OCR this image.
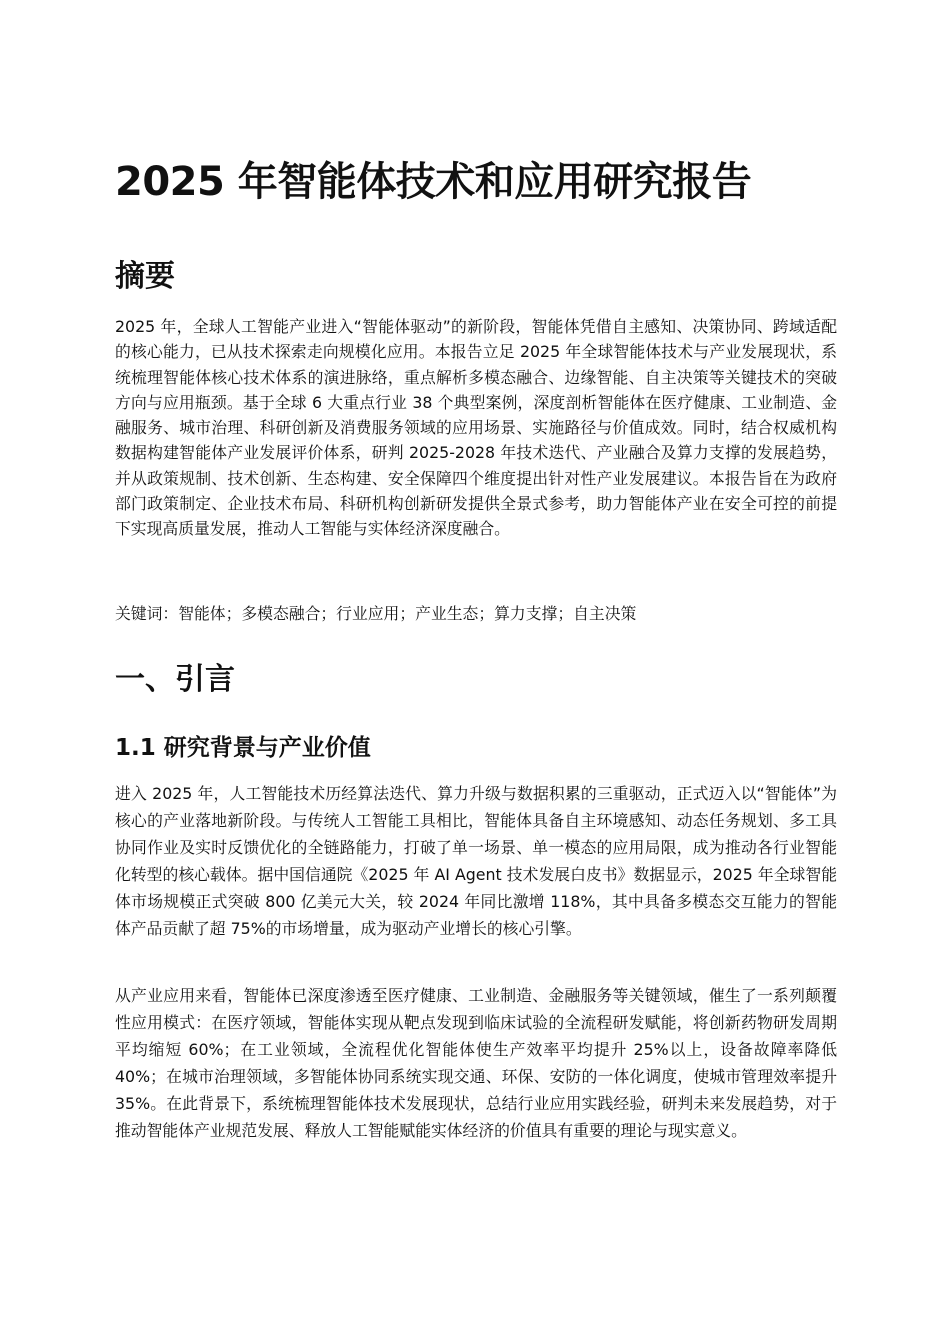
2025 年智能体技术和应用研究报告
摘要

2025 年，全球人工智能产业进入“智能体驱动”的新阶段，智能体凭借自主感知、决策协同、跨域适配的核心能力，已从技术探索走向规模化应用。本报告立足 2025 年全球智能体技术与产业发展现状，系统梳理智能体核心技术体系的演进脉络，重点解析多模态融合、边缘智能、自主决策等关键技术的突破方向与应用瓶颈。基于全球 6 大重点行业 38 个典型案例，深度剖析智能体在医疗健康、工业制造、金融服务、城市治理、科研创新及消费服务领域的应用场景、实施路径与价值成效。同时，结合权威机构数据构建智能体产业发展评价体系，研判 2025-2028 年技术迭代、产业融合及算力支撑的发展趋势，并从政策规制、技术创新、生态构建、安全保障四个维度提出针对性产业发展建议。本报告旨在为政府部门政策制定、企业技术布局、科研机构创新研发提供全景式参考，助力智能体产业在安全可控的前提下实现高质量发展，推动人工智能与实体经济深度融合。

关键词：智能体；多模态融合；行业应用；产业生态；算力支撑；自主决策

一、引言
1.1 研究背景与产业价值

进入 2025 年，人工智能技术历经算法迭代、算力升级与数据积累的三重驱动，正式迈入以“智能体”为核心的产业落地新阶段。与传统人工智能工具相比，智能体具备自主环境感知、动态任务规划、多工具协同作业及实时反馈优化的全链路能力，打破了单一场景、单一模态的应用局限，成为推动各行业智能化转型的核心载体。据中国信通院《2025 年 AI Agent 技术发展白皮书》数据显示，2025 年全球智能体市场规模正式突破 800 亿美元大关，较 2024 年同比激增 118%，其中具备多模态交互能力的智能体产品贡献了超 75%的市场增量，成为驱动产业增长的核心引擎。

从产业应用来看，智能体已深度渗透至医疗健康、工业制造、金融服务等关键领域，催生了一系列颠覆性应用模式：在医疗领域，智能体实现从靶点发现到临床试验的全流程研发赋能，将创新药物研发周期平均缩短 60%；在工业领域，全流程优化智能体使生产效率平均提升 25%以上，设备故障率降低 40%；在城市治理领域，多智能体协同系统实现交通、环保、安防的一体化调度，使城市管理效率提升 35%。在此背景下，系统梳理智能体技术发展现状，总结行业应用实践经验，研判未来发展趋势，对于推动智能体产业规范发展、释放人工智能赋能实体经济的价值具有重要的理论与现实意义。
